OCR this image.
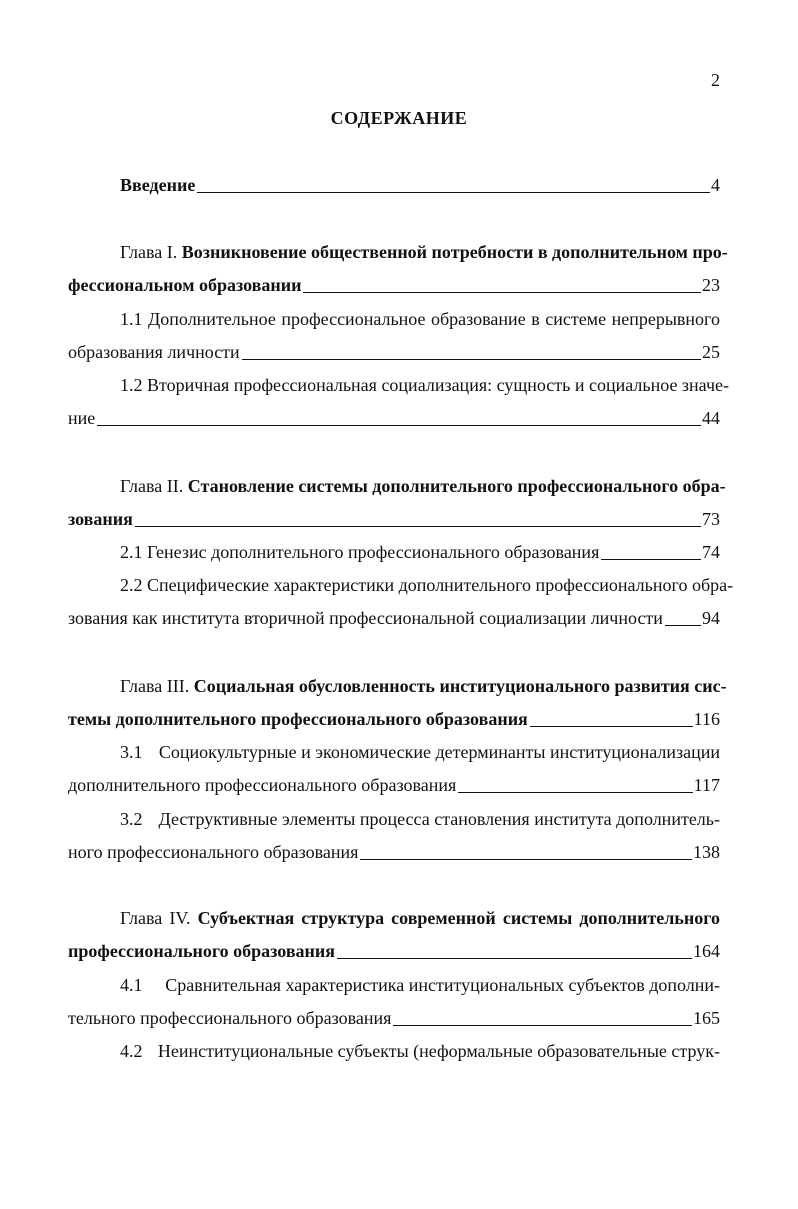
2
СОДЕРЖАНИЕ
Введение	4
Глава I. Возникновение общественной потребности в дополнительном про-
фессиональном образовании	23
1.1 Дополнительное профессиональное образование в системе непрерывного
образования личности	25
1.2 Вторичная профессиональная социализация: сущность и социальное значе-
ние	44
Глава II. Становление системы дополнительного профессионального обра-
зования	73
2.1 Генезис дополнительного профессионального образования	74
2.2 Специфические характеристики дополнительного профессионального обра-
зования как института вторичной профессиональной социализации личности 94
Глава III. Социальная обусловленность институционального развития сис-
темы дополнительного профессионального образования	116
3.1 Социокультурные и экономические детерминанты институционализации
дополнительного профессионального образования	117
3.2 Деструктивные элементы процесса становления института дополнитель-
ного профессионального образования	138
Глава IV. Субъектная структура современной системы дополнительного
профессионального образования	164
4.1	Сравнительная характеристика институциональных субъектов дополни-
тельного профессионального образования	165
4.2 Неинституциональные субъекты (неформальные образовательные струк-
